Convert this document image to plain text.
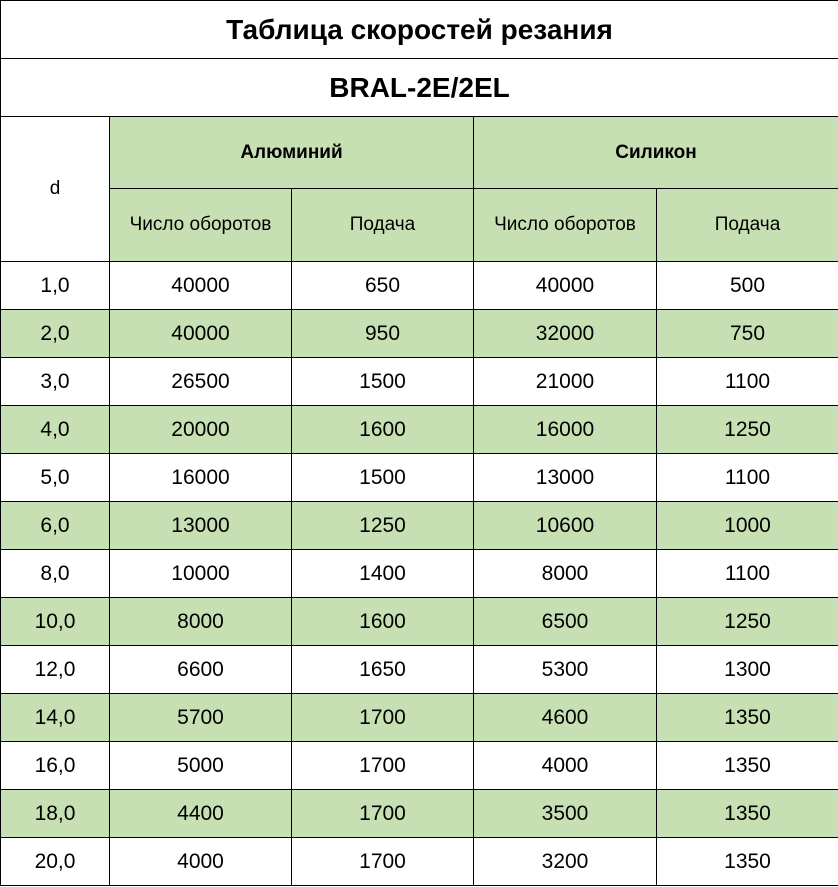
Таблица скоростей резания				
BRAL-2E/2EL				
d	Алюминий		Силикон	
	Число оборотов	Подача	Число оборотов	Подача
1,0	40000	650	40000	500
2,0	40000	950	32000	750
3,0	26500	1500	21000	1100
4,0	20000	1600	16000	1250
5,0	16000	1500	13000	1100
6,0	13000	1250	10600	1000
8,0	10000	1400	8000	1100
10,0	8000	1600	6500	1250
12,0	6600	1650	5300	1300
14,0	5700	1700	4600	1350
16,0	5000	1700	4000	1350
18,0	4400	1700	3500	1350
20,0	4000	1700	3200	1350
